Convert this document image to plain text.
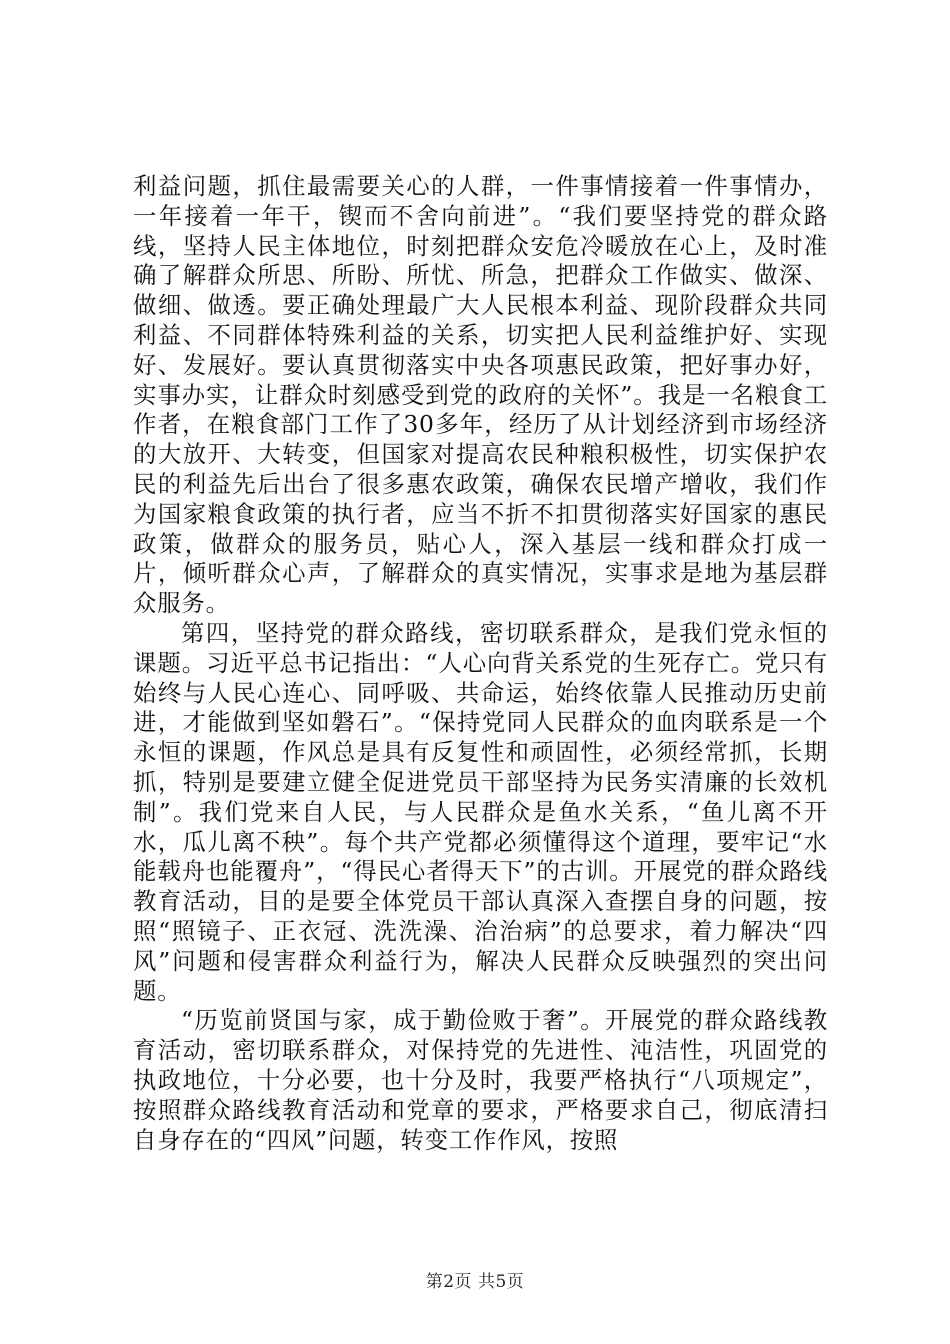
利益问题，抓住最需要关心的人群，一件事情接着一件事情办，一年接着一年干，锲而不舍向前进”。“我们要坚持党的群众路线，坚持人民主体地位，时刻把群众安危冷暖放在心上，及时准确了解群众所思、所盼、所忧、所急，把群众工作做实、做深、做细、做透。要正确处理最广大人民根本利益、现阶段群众共同利益、不同群体特殊利益的关系，切实把人民利益维护好、实现好、发展好。要认真贯彻落实中央各项惠民政策，把好事办好，实事办实，让群众时刻感受到党的政府的关怀”。我是一名粮食工作者，在粮食部门工作了30多年，经历了从计划经济到市场经济的大放开、大转变，但国家对提高农民种粮积极性，切实保护农民的利益先后出台了很多惠农政策，确保农民增产增收，我们作为国家粮食政策的执行者，应当不折不扣贯彻落实好国家的惠民政策，做群众的服务员，贴心人，深入基层一线和群众打成一片，倾听群众心声，了解群众的真实情况，实事求是地为基层群众服务。

第四，坚持党的群众路线，密切联系群众，是我们党永恒的课题。习近平总书记指出：“人心向背关系党的生死存亡。党只有始终与人民心连心、同呼吸、共命运，始终依靠人民推动历史前进，才能做到坚如磐石”。“保持党同人民群众的血肉联系是一个永恒的课题，作风总是具有反复性和顽固性，必须经常抓，长期抓，特别是要建立健全促进党员干部坚持为民务实清廉的长效机制”。我们党来自人民，与人民群众是鱼水关系，“鱼儿离不开水，瓜儿离不秧”。每个共产党都必须懂得这个道理，要牢记“水能载舟也能覆舟”，“得民心者得天下”的古训。开展党的群众路线教育活动，目的是要全体党员干部认真深入查摆自身的问题，按照“照镜子、正衣冠、洗洗澡、治治病”的总要求，着力解决“四风”问题和侵害群众利益行为，解决人民群众反映强烈的突出问题。

“历览前贤国与家，成于勤俭败于奢”。开展党的群众路线教育活动，密切联系群众，对保持党的先进性、沌洁性，巩固党的执政地位，十分必要，也十分及时，我要严格执行“八项规定”，按照群众路线教育活动和党章的要求，严格要求自己，彻底清扫自身存在的“四风”问题，转变工作作风，按照

第2页 共5页
